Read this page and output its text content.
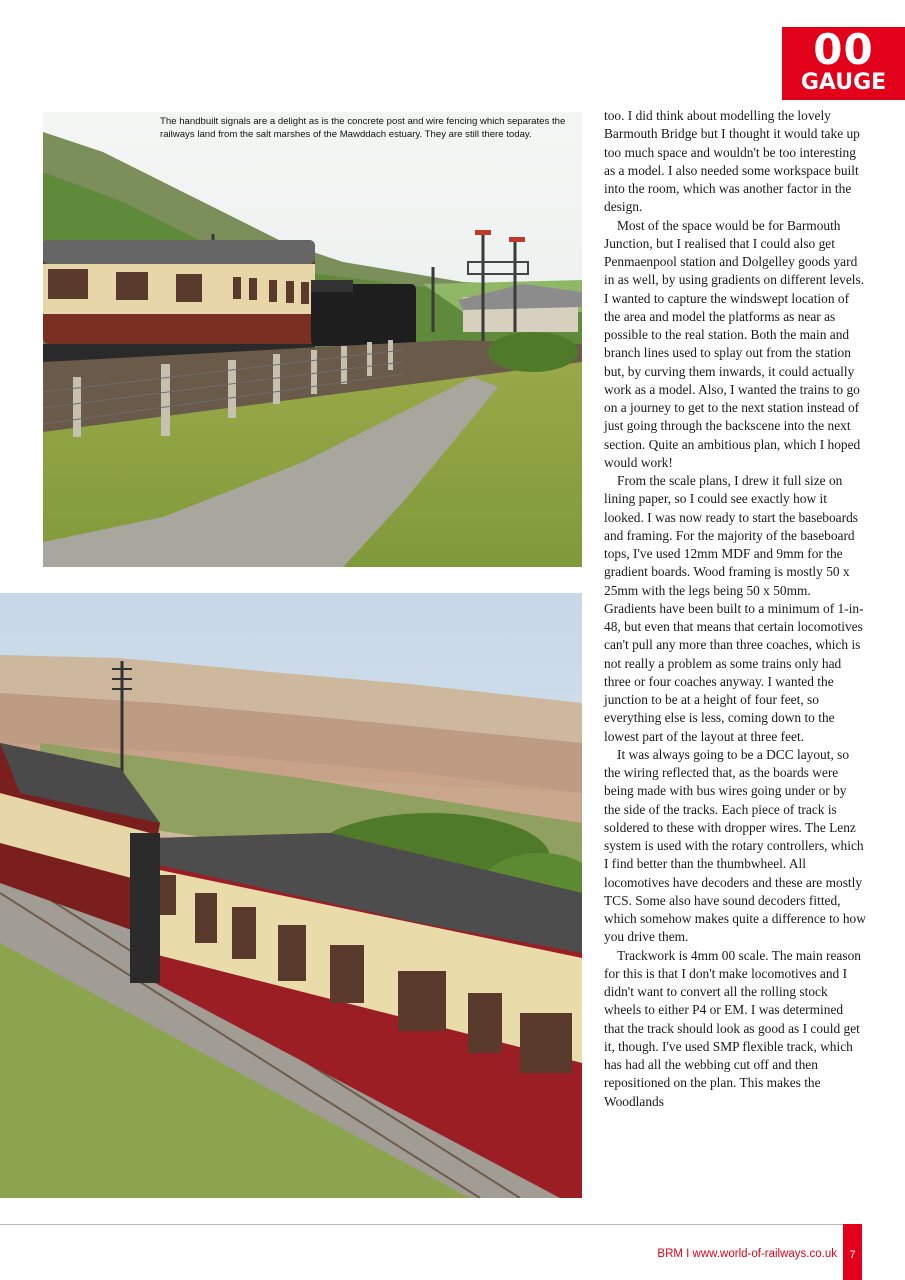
00
GAUGE
The handbuilt signals are a delight as is the concrete post and wire fencing which separates the railways land from the salt marshes of the Mawddach estuary. They are still there today.

too. I did think about modelling the lovely Barmouth Bridge but I thought it would take up too much space and wouldn't be too interesting as a model. I also needed some workspace built into the room, which was another factor in the design.

Most of the space would be for Barmouth Junction, but I realised that I could also get Penmaenpool station and Dolgelley goods yard in as well, by using gradients on different levels. I wanted to capture the windswept location of the area and model the platforms as near as possible to the real station. Both the main and branch lines used to splay out from the station but, by curving them inwards, it could actually work as a model. Also, I wanted the trains to go on a journey to get to the next station instead of just going through the backscene into the next section. Quite an ambitious plan, which I hoped would work!

From the scale plans, I drew it full size on lining paper, so I could see exactly how it looked. I was now ready to start the baseboards and framing. For the majority of the baseboard tops, I've used 12mm MDF and 9mm for the gradient boards. Wood framing is mostly 50 x 25mm with the legs being 50 x 50mm. Gradients have been built to a minimum of 1-in-48, but even that means that certain locomotives can't pull any more than three coaches, which is not really a problem as some trains only had three or four coaches anyway. I wanted the junction to be at a height of four feet, so everything else is less, coming down to the lowest part of the layout at three feet.

It was always going to be a DCC layout, so the wiring reflected that, as the boards were being made with bus wires going under or by the side of the tracks. Each piece of track is soldered to these with dropper wires. The Lenz system is used with the rotary controllers, which I find better than the thumbwheel. All locomotives have decoders and these are mostly TCS. Some also have sound decoders fitted, which somehow makes quite a difference to how you drive them.

Trackwork is 4mm 00 scale. The main reason for this is that I don't make locomotives and I didn't want to convert all the rolling stock wheels to either P4 or EM. I was determined that the track should look as good as I could get it, though. I've used SMP flexible track, which has had all the webbing cut off and then repositioned on the plan. This makes the Woodlands

BRM I www.world-of-railways.co.uk	7
